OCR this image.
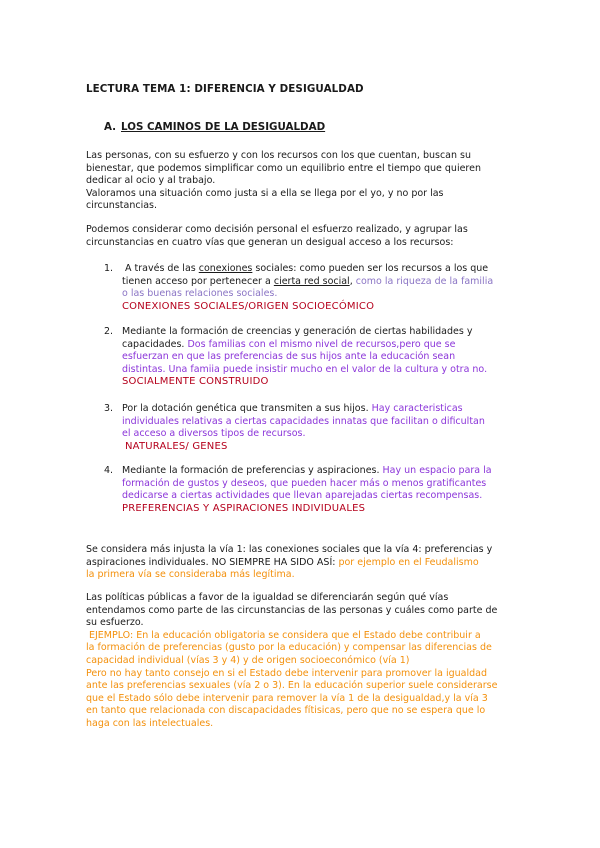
LECTURA TEMA 1: DIFERENCIA Y DESIGUALDAD
A. LOS CAMINOS DE LA DESIGUALDAD
Las personas, con su esfuerzo y con los recursos con los que cuentan, buscan su
bienestar, que podemos simplificar como un equilibrio entre el tiempo que quieren
dedicar al ocio y al trabajo.
Valoramos una situación como justa si a ella se llega por el yo, y no por las
circunstancias.
Podemos considerar como decisión personal el esfuerzo realizado, y agrupar las
circunstancias en cuatro vías que generan un desigual acceso a los recursos:
1.	A través de las conexiones sociales: como pueden ser los recursos a los que
tienen acceso por pertenecer a cierta red social, como la riqueza de la familia
o las buenas relaciones sociales.
CONEXIONES SOCIALES/ORIGEN SOCIOECÓMICO
2. Mediante la formación de creencias y generación de ciertas habilidades y
capacidades. Dos familias con el mismo nivel de recursos,pero que se
esfuerzan en que las preferencias de sus hijos ante la educación sean
distintas. Una famiia puede insistir mucho en el valor de la cultura y otra no.
SOCIALMENTE CONSTRUIDO
3. Por la dotación genética que transmiten a sus hijos. Hay caracteristicas
individuales relativas a ciertas capacidades innatas que facilitan o dificultan
el acceso a diversos tipos de recursos.
NATURALES/ GENES
4. Mediante la formación de preferencias y aspiraciones. Hay un espacio para la
formación de gustos y deseos, que pueden hacer más o menos gratificantes
dedicarse a ciertas actividades que llevan aparejadas ciertas recompensas.
PREFERENCIAS Y ASPIRACIONES INDIVIDUALES
Se considera más injusta la vía 1: las conexiones sociales que la vía 4: preferencias y
aspiraciones individuales. NO SIEMPRE HA SIDO ASÍ: por ejemplo en el Feudalismo
la primera vía se consideraba más legítima.
Las políticas públicas a favor de la igualdad se diferenciarán según qué vías
entendamos como parte de las circunstancias de las personas y cuáles como parte de
su esfuerzo.
EJEMPLO: En la educación obligatoria se considera que el Estado debe contribuir a
la formación de preferencias (gusto por la educación) y compensar las diferencias de
capacidad individual (vías 3 y 4) y de origen socioeconómico (vía 1)
Pero no hay tanto consejo en si el Estado debe intervenir para promover la igualdad
ante las preferencias sexuales (vía 2 o 3). En la educación superior suele considerarse
que el Estado sólo debe intervenir para remover la vía 1 de la desigualdad,y la vía 3
en tanto que relacionada con discapacidades fítisicas, pero que no se espera que lo
haga con las intelectuales.
